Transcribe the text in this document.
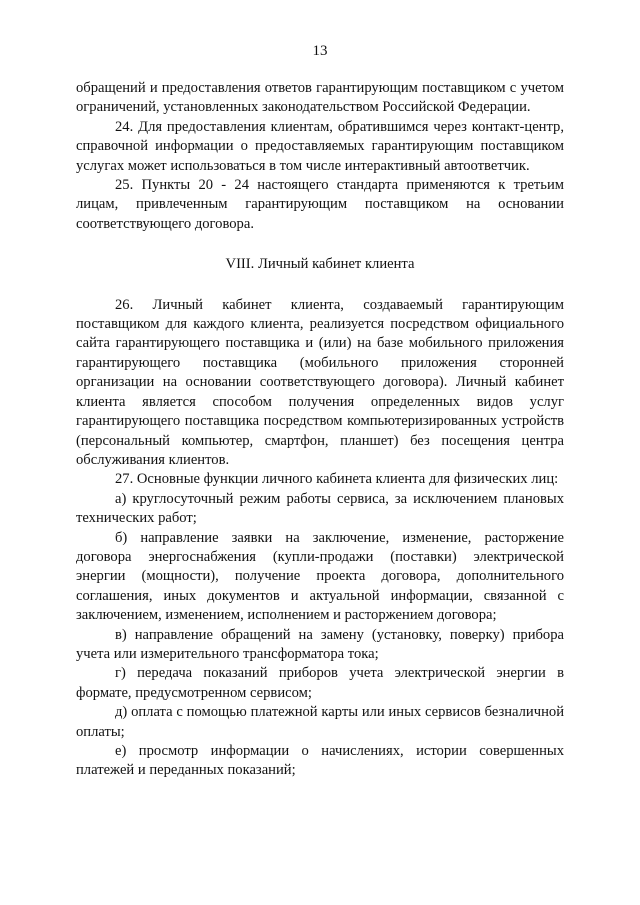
13

обращений и предоставления ответов гарантирующим поставщиком с учетом ограничений, установленных законодательством Российской Федерации.

24. Для предоставления клиентам, обратившимся через контакт-центр, справочной информации о предоставляемых гарантирующим поставщиком услугах может использоваться в том числе интерактивный автоответчик.

25. Пункты 20 - 24 настоящего стандарта применяются к третьим лицам, привлеченным гарантирующим поставщиком на основании соответствующего договора.

VIII. Личный кабинет клиента

26. Личный кабинет клиента, создаваемый гарантирующим поставщиком для каждого клиента, реализуется посредством официального сайта гарантирующего поставщика и (или) на базе мобильного приложения гарантирующего поставщика (мобильного приложения сторонней организации на основании соответствующего договора). Личный кабинет клиента является способом получения определенных видов услуг гарантирующего поставщика посредством компьютеризированных устройств (персональный компьютер, смартфон, планшет) без посещения центра обслуживания клиентов.

27. Основные функции личного кабинета клиента для физических лиц:

а) круглосуточный режим работы сервиса, за исключением плановых технических работ;

б) направление заявки на заключение, изменение, расторжение договора энергоснабжения (купли-продажи (поставки) электрической энергии (мощности), получение проекта договора, дополнительного соглашения, иных документов и актуальной информации, связанной с заключением, изменением, исполнением и расторжением договора;

в) направление обращений на замену (установку, поверку) прибора учета или измерительного трансформатора тока;

г) передача показаний приборов учета электрической энергии в формате, предусмотренном сервисом;

д) оплата с помощью платежной карты или иных сервисов безналичной оплаты;

е) просмотр информации о начислениях, истории совершенных платежей и переданных показаний;
